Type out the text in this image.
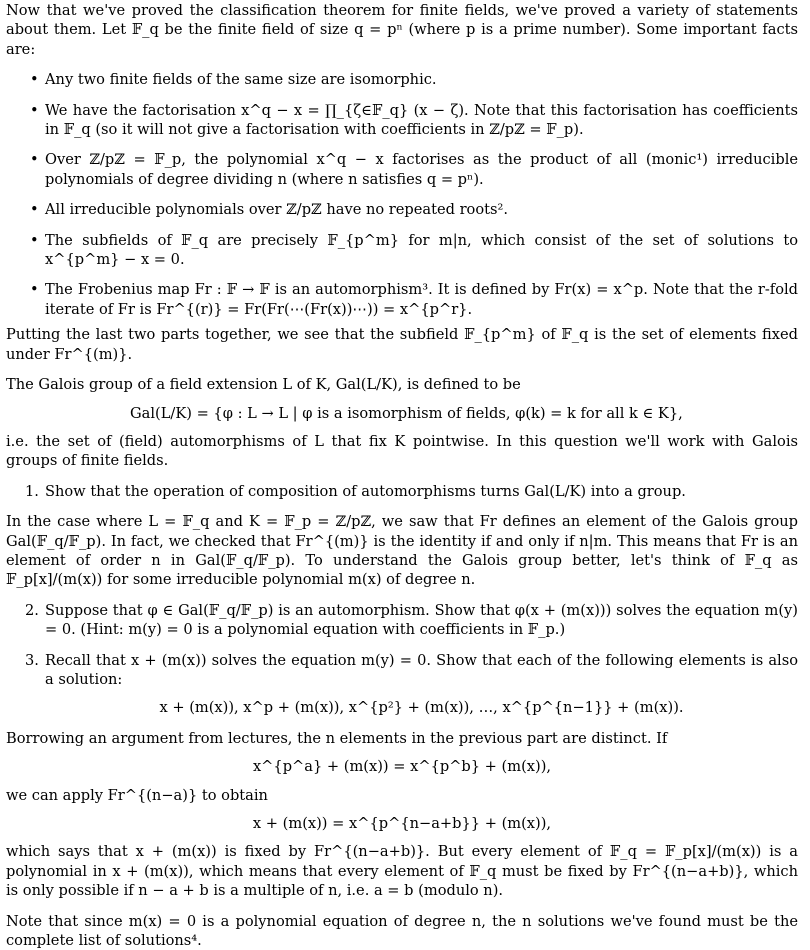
Now that we've proved the classification theorem for finite fields, we've proved a variety of statements about them. Let 𝔽_q be the finite field of size q = pⁿ (where p is a prime number). Some important facts are:

• Any two finite fields of the same size are isomorphic.
• We have the factorisation x^q − x = ∏_{ζ∈𝔽_q} (x − ζ). Note that this factorisation has coefficients in 𝔽_q (so it will not give a factorisation with coefficients in ℤ/pℤ = 𝔽_p).
• Over ℤ/pℤ = 𝔽_p, the polynomial x^q − x factorises as the product of all (monic¹) irreducible polynomials of degree dividing n (where n satisfies q = pⁿ).
• All irreducible polynomials over ℤ/pℤ have no repeated roots².
• The subfields of 𝔽_q are precisely 𝔽_{p^m} for m|n, which consist of the set of solutions to x^{p^m} − x = 0.
• The Frobenius map Fr : 𝔽 → 𝔽 is an automorphism³. It is defined by Fr(x) = x^p. Note that the r-fold iterate of Fr is Fr^{(r)} = Fr(Fr(⋯(Fr(x))⋯)) = x^{p^r}.

Putting the last two parts together, we see that the subfield 𝔽_{p^m} of 𝔽_q is the set of elements fixed under Fr^{(m)}.

The Galois group of a field extension L of K, Gal(L/K), is defined to be

Gal(L/K) = {φ : L → L | φ is a isomorphism of fields, φ(k) = k for all k ∈ K},

i.e. the set of (field) automorphisms of L that fix K pointwise. In this question we'll work with Galois groups of finite fields.

1. Show that the operation of composition of automorphisms turns Gal(L/K) into a group.

In the case where L = 𝔽_q and K = 𝔽_p = ℤ/pℤ, we saw that Fr defines an element of the Galois group Gal(𝔽_q/𝔽_p). In fact, we checked that Fr^{(m)} is the identity if and only if n|m. This means that Fr is an element of order n in Gal(𝔽_q/𝔽_p). To understand the Galois group better, let's think of 𝔽_q as 𝔽_p[x]/(m(x)) for some irreducible polynomial m(x) of degree n.

2. Suppose that φ ∈ Gal(𝔽_q/𝔽_p) is an automorphism. Show that φ(x + (m(x))) solves the equation m(y) = 0. (Hint: m(y) = 0 is a polynomial equation with coefficients in 𝔽_p.)
3. Recall that x + (m(x)) solves the equation m(y) = 0. Show that each of the following elements is also a solution:
x + (m(x)), x^p + (m(x)), x^{p²} + (m(x)), …, x^{p^{n−1}} + (m(x)).

Borrowing an argument from lectures, the n elements in the previous part are distinct. If

x^{p^a} + (m(x)) = x^{p^b} + (m(x)),

we can apply Fr^{(n−a)} to obtain

x + (m(x)) = x^{p^{n−a+b}} + (m(x)),

which says that x + (m(x)) is fixed by Fr^{(n−a+b)}. But every element of 𝔽_q = 𝔽_p[x]/(m(x)) is a polynomial in x + (m(x)), which means that every element of 𝔽_q must be fixed by Fr^{(n−a+b)}, which is only possible if n − a + b is a multiple of n, i.e. a = b (modulo n).

Note that since m(x) = 0 is a polynomial equation of degree n, the n solutions we've found must be the complete list of solutions⁴.
